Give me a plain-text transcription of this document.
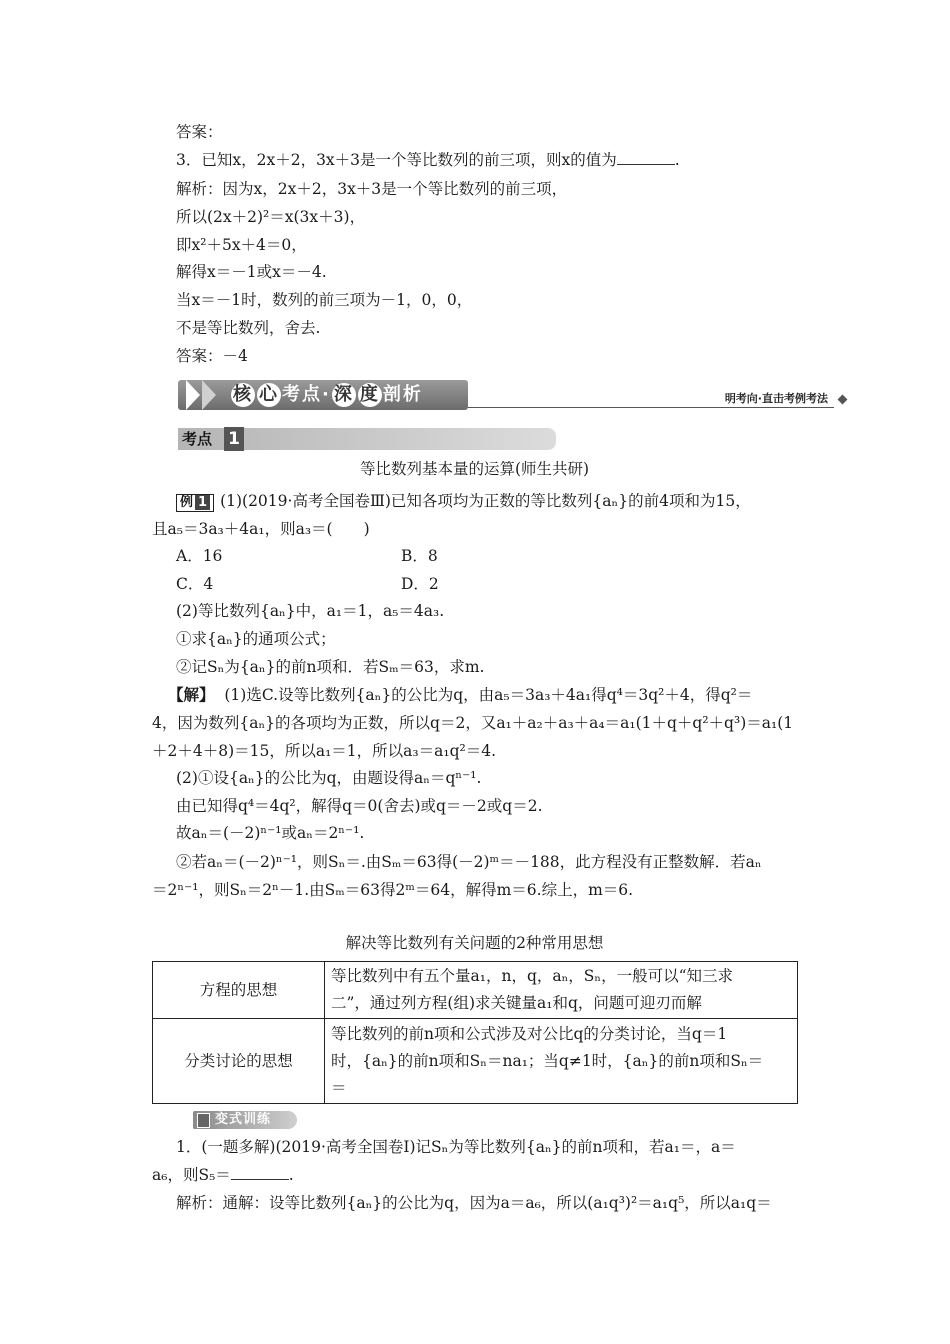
答案：
3．已知x，2x＋2，3x＋3是一个等比数列的前三项，则x的值为	.
解析：因为x，2x＋2，3x＋3是一个等比数列的前三项，
所以(2x＋2)²＝x(3x＋3)，
即x²＋5x＋4＝0，
解得x＝－1或x＝－4.
当x＝－1时，数列的前三项为－1，0，0，
不是等比数列，舍去.
答案：－4
核 心 考点· 深 度 剖析	明考向·直击考例考法
考点 1
等比数列基本量的运算(师生共研)
例 1 (1)(2019·高考全国卷Ⅲ)已知各项均为正数的等比数列{aₙ}的前4项和为15，
且a₅＝3a₃＋4a₁，则a₃＝(　　)
A．16	B．8
C．4	D．2
(2)等比数列{aₙ}中，a₁＝1，a₅＝4a₃.
①求{aₙ}的通项公式；
②记Sₙ为{aₙ}的前n项和．若Sₘ＝63，求m.
【解】 (1)选C.设等比数列{aₙ}的公比为q，由a₅＝3a₃＋4a₁得q⁴＝3q²＋4，得q²＝
4，因为数列{aₙ}的各项均为正数，所以q＝2，又a₁＋a₂＋a₃＋a₄＝a₁(1＋q＋q²＋q³)＝a₁(1
＋2＋4＋8)＝15，所以a₁＝1，所以a₃＝a₁q²＝4.
(2)①设{aₙ}的公比为q，由题设得aₙ＝qⁿ⁻¹.
由已知得q⁴＝4q²，解得q＝0(舍去)或q＝－2或q＝2.
故aₙ＝(－2)ⁿ⁻¹或aₙ＝2ⁿ⁻¹.
②若aₙ＝(－2)ⁿ⁻¹，则Sₙ＝.由Sₘ＝63得(－2)ᵐ＝－188，此方程没有正整数解．若aₙ
＝2ⁿ⁻¹，则Sₙ＝2ⁿ－1.由Sₘ＝63得2ᵐ＝64，解得m＝6.综上，m＝6.
解决等比数列有关问题的2种常用思想
方程的思想	等比数列中有五个量a₁，n，q，aₙ，Sₙ，一般可以“知三求
二”，通过列方程(组)求关键量a₁和q，问题可迎刃而解

分类讨论的思想	等比数列的前n项和公式涉及对公比q的分类讨论，当q＝1
时，{aₙ}的前n项和Sₙ＝na₁；当q≠1时，{aₙ}的前n项和Sₙ＝
＝
变式训练
1．(一题多解)(2019·高考全国卷Ⅰ)记Sₙ为等比数列{aₙ}的前n项和，若a₁＝，a＝
a₆，则S₅＝	.
解析：通解：设等比数列{aₙ}的公比为q，因为a＝a₆，所以(a₁q³)²＝a₁q⁵，所以a₁q＝
